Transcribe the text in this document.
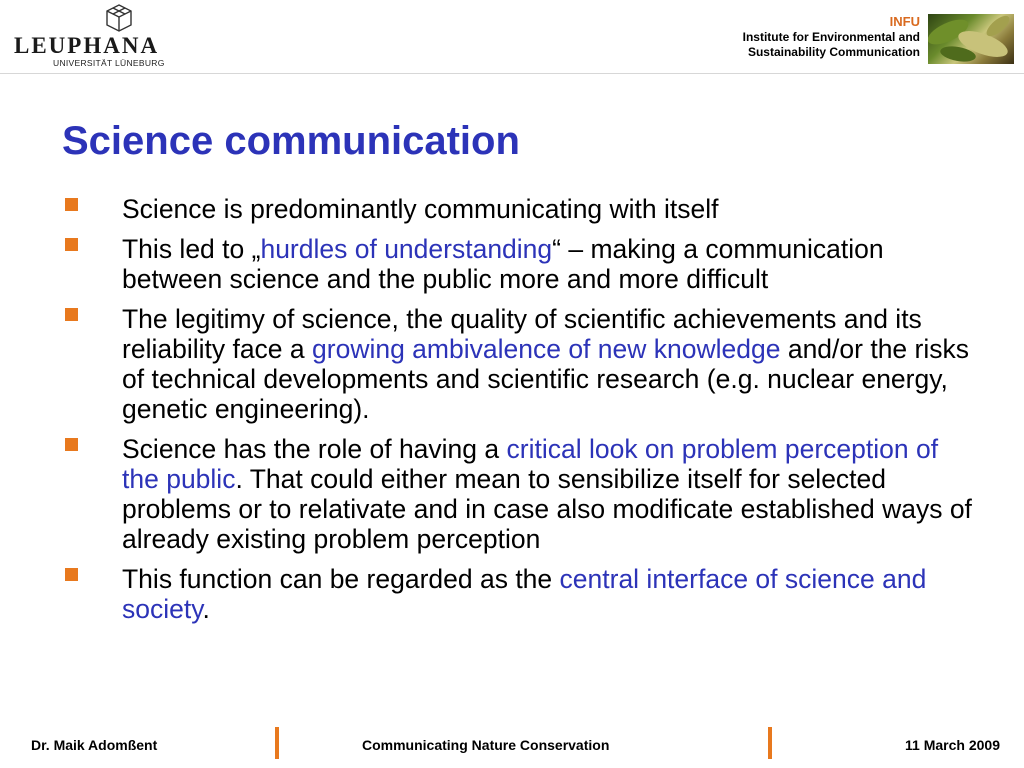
LEUPHANA
UNIVERSITÄT LÜNEBURG
INFU
Institute for Environmental and
Sustainability Communication
Science communication
Science is predominantly communicating with itself
This led to „hurdles of understanding“ – making a communication between science and the public more and more difficult
The legitimy of science, the quality of scientific achievements and its reliability face a growing ambivalence of new knowledge and/or the risks of technical developments and scientific research (e.g. nuclear energy, genetic engineering).
Science has the role of having a critical look on problem perception of the public. That could either mean to sensibilize itself for selected problems or to relativate and in case also modificate established ways of already existing problem perception
This function can be regarded as the central interface of science and society.
Dr. Maik Adomßent	Communicating Nature Conservation	11 March 2009
